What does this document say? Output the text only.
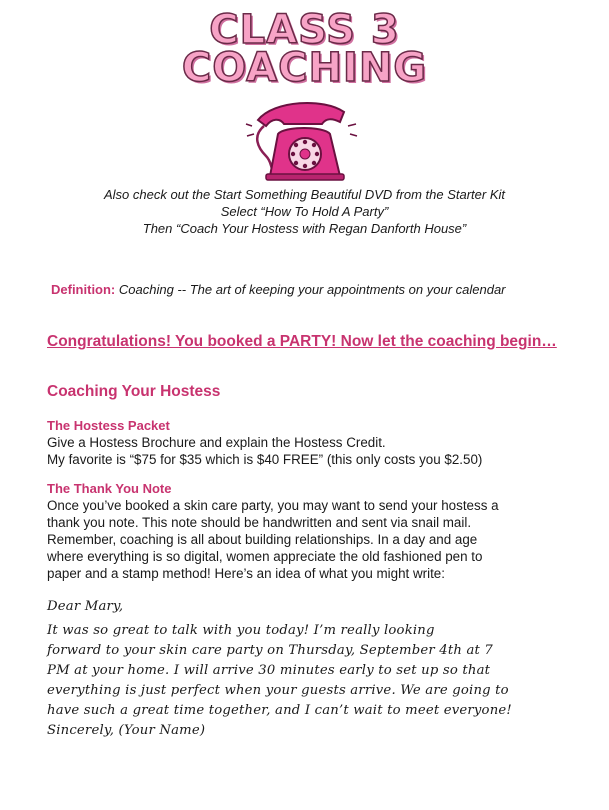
CLASS 3
COACHING
Also check out the Start Something Beautiful DVD from the Starter Kit
Select “How To Hold A Party”
Then “Coach Your Hostess with Regan Danforth House”
Definition: Coaching -- The art of keeping your appointments on your calendar
Congratulations! You booked a PARTY! Now let the coaching begin…
Coaching Your Hostess
The Hostess Packet
Give a Hostess Brochure and explain the Hostess Credit.
My favorite is “$75 for $35 which is $40 FREE” (this only costs you $2.50)
The Thank You Note
Once you’ve booked a skin care party, you may want to send your hostess a
thank you note. This note should be handwritten and sent via snail mail.
Remember, coaching is all about building relationships. In a day and age
where everything is so digital, women appreciate the old fashioned pen to
paper and a stamp method! Here’s an idea of what you might write:
Dear Mary,
It was so great to talk with you today! I’m really looking
forward to your skin care party on Thursday, September 4th at 7
PM at your home. I will arrive 30 minutes early to set up so that
everything is just perfect when your guests arrive. We are going to
have such a great time together, and I can’t wait to meet everyone!
Sincerely, (Your Name)
